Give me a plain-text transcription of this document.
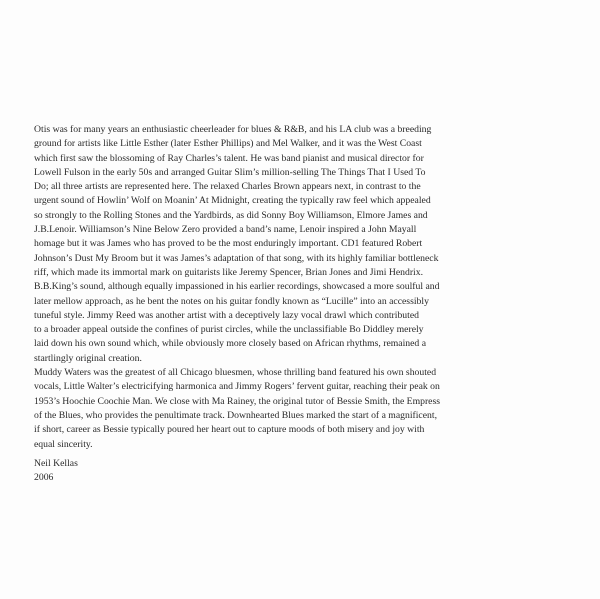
Otis was for many years an enthusiastic cheerleader for blues & R&B, and his LA club was a breeding
ground for artists like Little Esther (later Esther Phillips) and Mel Walker, and it was the West Coast
which first saw the blossoming of Ray Charles’s talent. He was band pianist and musical director for
Lowell Fulson in the early 50s and arranged Guitar Slim’s million-selling The Things That I Used To
Do; all three artists are represented here. The relaxed Charles Brown appears next, in contrast to the
urgent sound of Howlin’ Wolf on Moanin’ At Midnight, creating the typically raw feel which appealed
so strongly to the Rolling Stones and the Yardbirds, as did Sonny Boy Williamson, Elmore James and
J.B.Lenoir. Williamson’s Nine Below Zero provided a band’s name, Lenoir inspired a John Mayall
homage but it was James who has proved to be the most enduringly important. CD1 featured Robert
Johnson’s Dust My Broom but it was James’s adaptation of that song, with its highly familiar bottleneck
riff, which made its immortal mark on guitarists like Jeremy Spencer, Brian Jones and Jimi Hendrix.
B.B.King’s sound, although equally impassioned in his earlier recordings, showcased a more soulful and
later mellow approach, as he bent the notes on his guitar fondly known as “Lucille” into an accessibly
tuneful style. Jimmy Reed was another artist with a deceptively lazy vocal drawl which contributed
to a broader appeal outside the confines of purist circles, while the unclassifiable Bo Diddley merely
laid down his own sound which, while obviously more closely based on African rhythms, remained a
startlingly original creation.
Muddy Waters was the greatest of all Chicago bluesmen, whose thrilling band featured his own shouted
vocals, Little Walter’s electricifying harmonica and Jimmy Rogers’ fervent guitar, reaching their peak on
1953’s Hoochie Coochie Man. We close with Ma Rainey, the original tutor of Bessie Smith, the Empress
of the Blues, who provides the penultimate track. Downhearted Blues marked the start of a magnificent,
if short, career as Bessie typically poured her heart out to capture moods of both misery and joy with
equal sincerity.
Neil Kellas
2006
